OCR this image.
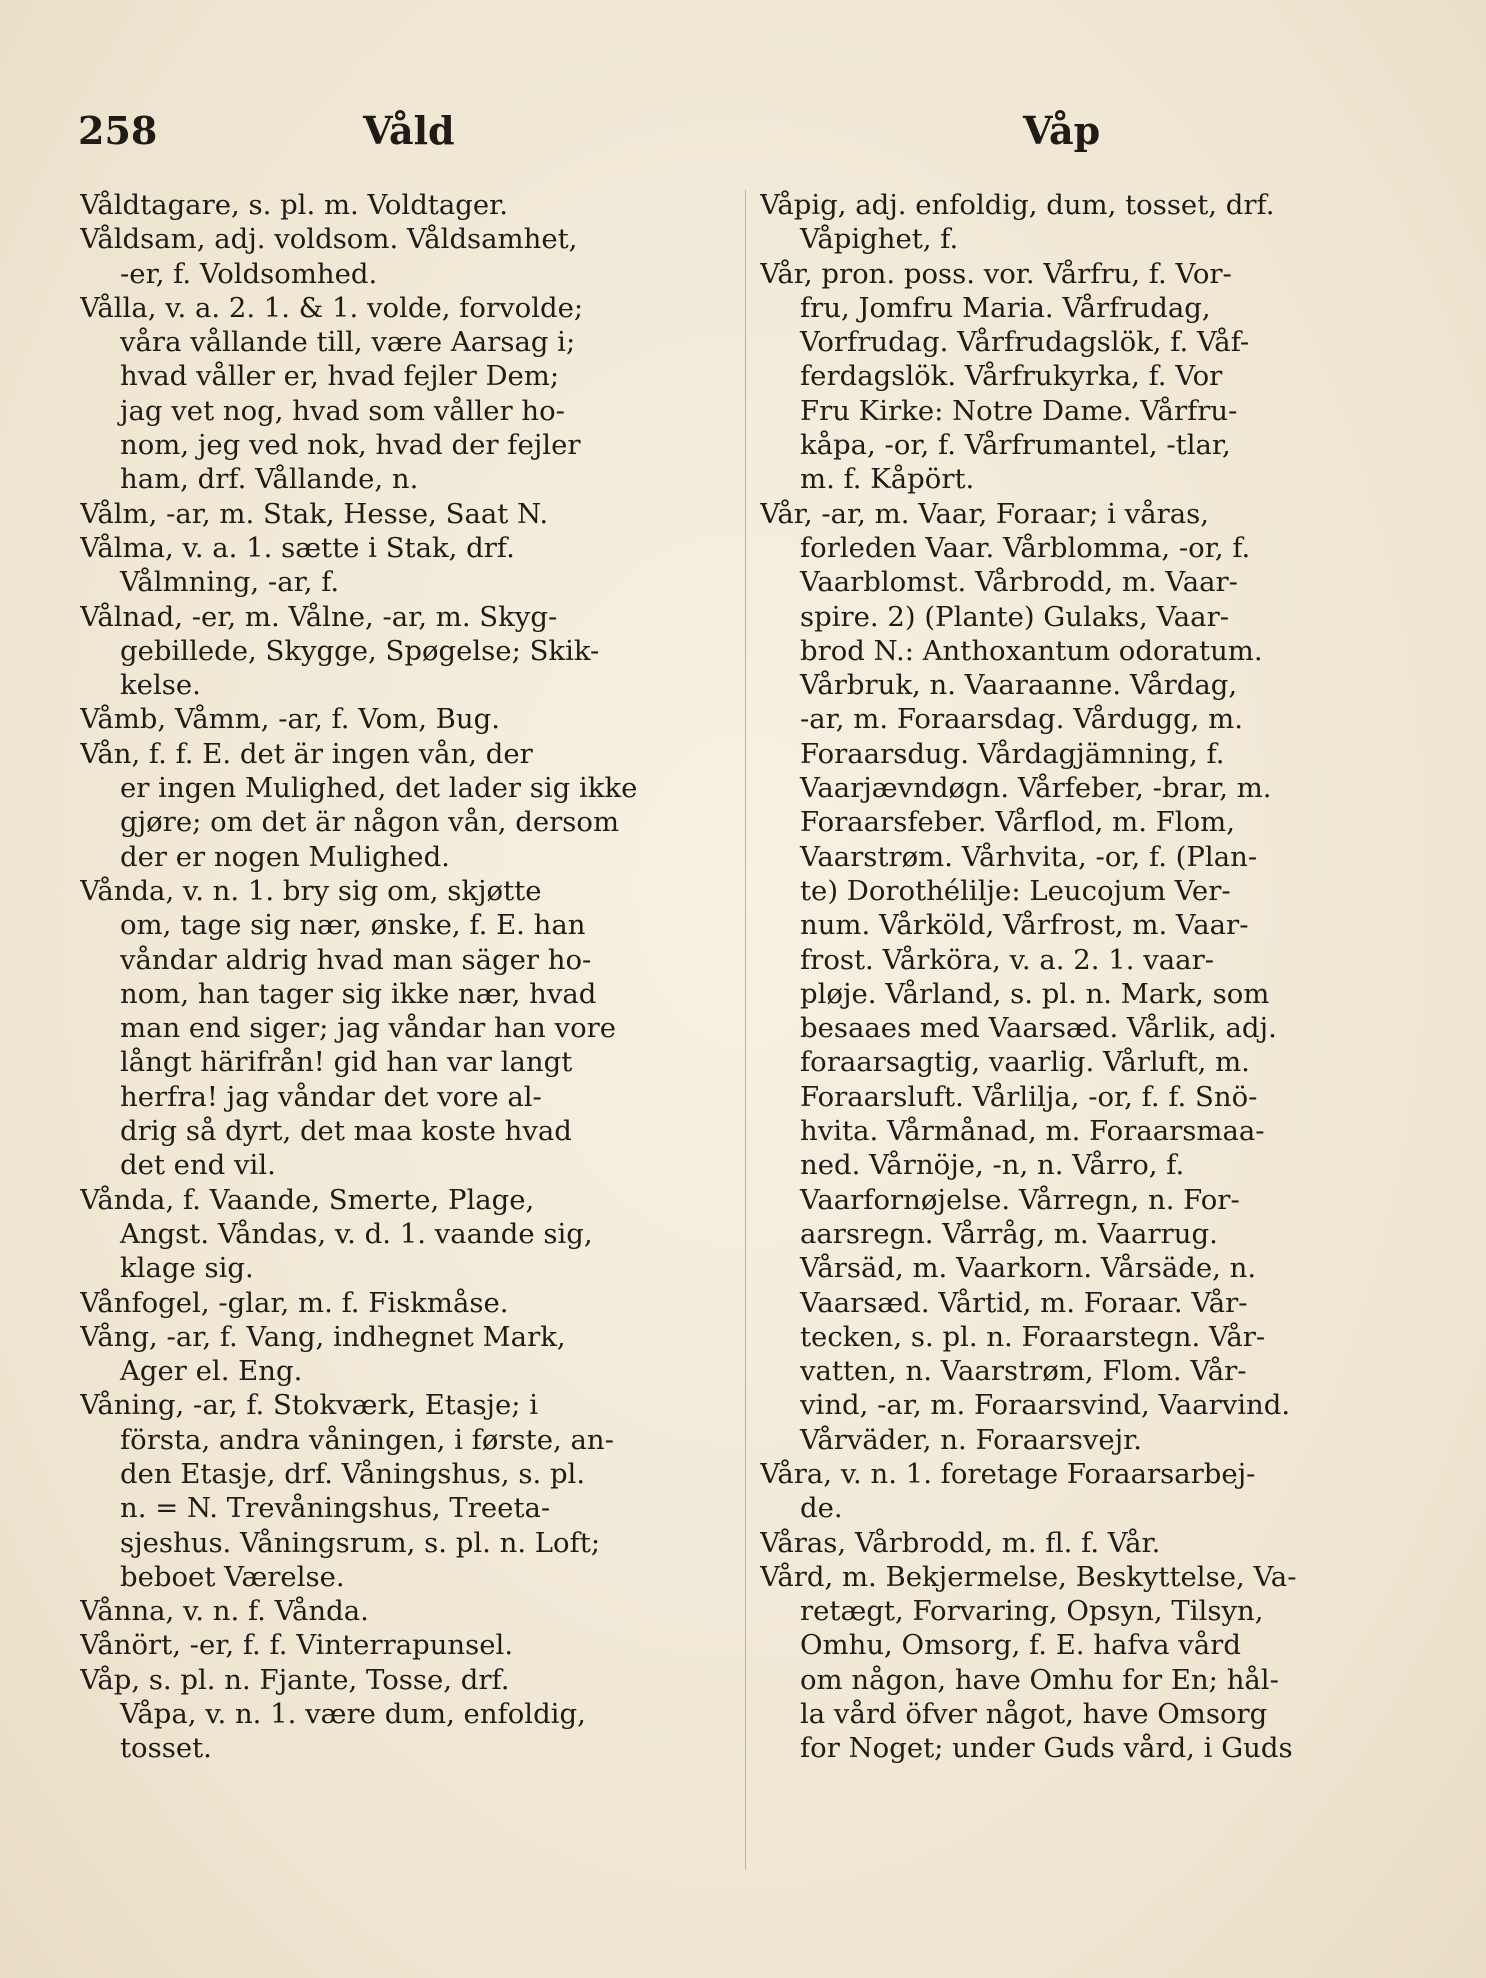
258	Våld	Våp
Våldtagare, s. pl. m. Voldtager.
Våldsam, adj. voldsom. Våldsamhet,
-er, f. Voldsomhed.
Vålla, v. a. 2. 1. & 1. volde, forvolde;
våra vållande till, være Aarsag i;
hvad våller er, hvad fejler Dem;
jag vet nog, hvad som våller ho-
nom, jeg ved nok, hvad der fejler
ham, drf. Vållande, n.
Vålm, -ar, m. Stak, Hesse, Saat N.
Vålma, v. a. 1. sætte i Stak, drf.
Vålmning, -ar, f.
Vålnad, -er, m. Vålne, -ar, m. Skyg-
gebillede, Skygge, Spøgelse; Skik-
kelse.
Våmb, Våmm, -ar, f. Vom, Bug.
Vån, f. f. E. det är ingen vån, der
er ingen Mulighed, det lader sig ikke
gjøre; om det är någon vån, dersom
der er nogen Mulighed.
Vånda, v. n. 1. bry sig om, skjøtte
om, tage sig nær, ønske, f. E. han
våndar aldrig hvad man säger ho-
nom, han tager sig ikke nær, hvad
man end siger; jag våndar han vore
långt härifrån! gid han var langt
herfra! jag våndar det vore al-
drig så dyrt, det maa koste hvad
det end vil.
Vånda, f. Vaande, Smerte, Plage,
Angst. Våndas, v. d. 1. vaande sig,
klage sig.
Vånfogel, -glar, m. f. Fiskmåse.
Vång, -ar, f. Vang, indhegnet Mark,
Ager el. Eng.
Våning, -ar, f. Stokværk, Etasje; i
första, andra våningen, i første, an-
den Etasje, drf. Våningshus, s. pl.
n. = N. Trevåningshus, Treeta-
sjeshus. Våningsrum, s. pl. n. Loft;
beboet Værelse.
Vånna, v. n. f. Vånda.
Vånört, -er, f. f. Vinterrapunsel.
Våp, s. pl. n. Fjante, Tosse, drf.
Våpa, v. n. 1. være dum, enfoldig,
tosset.
Våpig, adj. enfoldig, dum, tosset, drf.
Våpighet, f.
Vår, pron. poss. vor. Vårfru, f. Vor-
fru, Jomfru Maria. Vårfrudag,
Vorfrudag. Vårfrudagslök, f. Våf-
ferdagslök. Vårfrukyrka, f. Vor
Fru Kirke: Notre Dame. Vårfru-
kåpa, -or, f. Vårfrumantel, -tlar,
m. f. Kåpört.
Vår, -ar, m. Vaar, Foraar; i våras,
forleden Vaar. Vårblomma, -or, f.
Vaarblomst. Vårbrodd, m. Vaar-
spire. 2) (Plante) Gulaks, Vaar-
brod N.: Anthoxantum odoratum.
Vårbruk, n. Vaaraanne. Vårdag,
-ar, m. Foraarsdag. Vårdugg, m.
Foraarsdug. Vårdagjämning, f.
Vaarjævndøgn. Vårfeber, -brar, m.
Foraarsfeber. Vårflod, m. Flom,
Vaarstrøm. Vårhvita, -or, f. (Plan-
te) Dorothélilje: Leucojum Ver-
num. Vårköld, Vårfrost, m. Vaar-
frost. Vårköra, v. a. 2. 1. vaar-
pløje. Vårland, s. pl. n. Mark, som
besaaes med Vaarsæd. Vårlik, adj.
foraarsagtig, vaarlig. Vårluft, m.
Foraarsluft. Vårlilja, -or, f. f. Snö-
hvita. Vårmånad, m. Foraarsmaa-
ned. Vårnöje, -n, n. Vårro, f.
Vaarfornøjelse. Vårregn, n. For-
aarsregn. Vårråg, m. Vaarrug.
Vårsäd, m. Vaarkorn. Vårsäde, n.
Vaarsæd. Vårtid, m. Foraar. Vår-
tecken, s. pl. n. Foraarstegn. Vår-
vatten, n. Vaarstrøm, Flom. Vår-
vind, -ar, m. Foraarsvind, Vaarvind.
Vårväder, n. Foraarsvejr.
Våra, v. n. 1. foretage Foraarsarbej-
de.
Våras, Vårbrodd, m. fl. f. Vår.
Vård, m. Bekjermelse, Beskyttelse, Va-
retægt, Forvaring, Opsyn, Tilsyn,
Omhu, Omsorg, f. E. hafva vård
om någon, have Omhu for En; hål-
la vård öfver något, have Omsorg
for Noget; under Guds vård, i Guds
